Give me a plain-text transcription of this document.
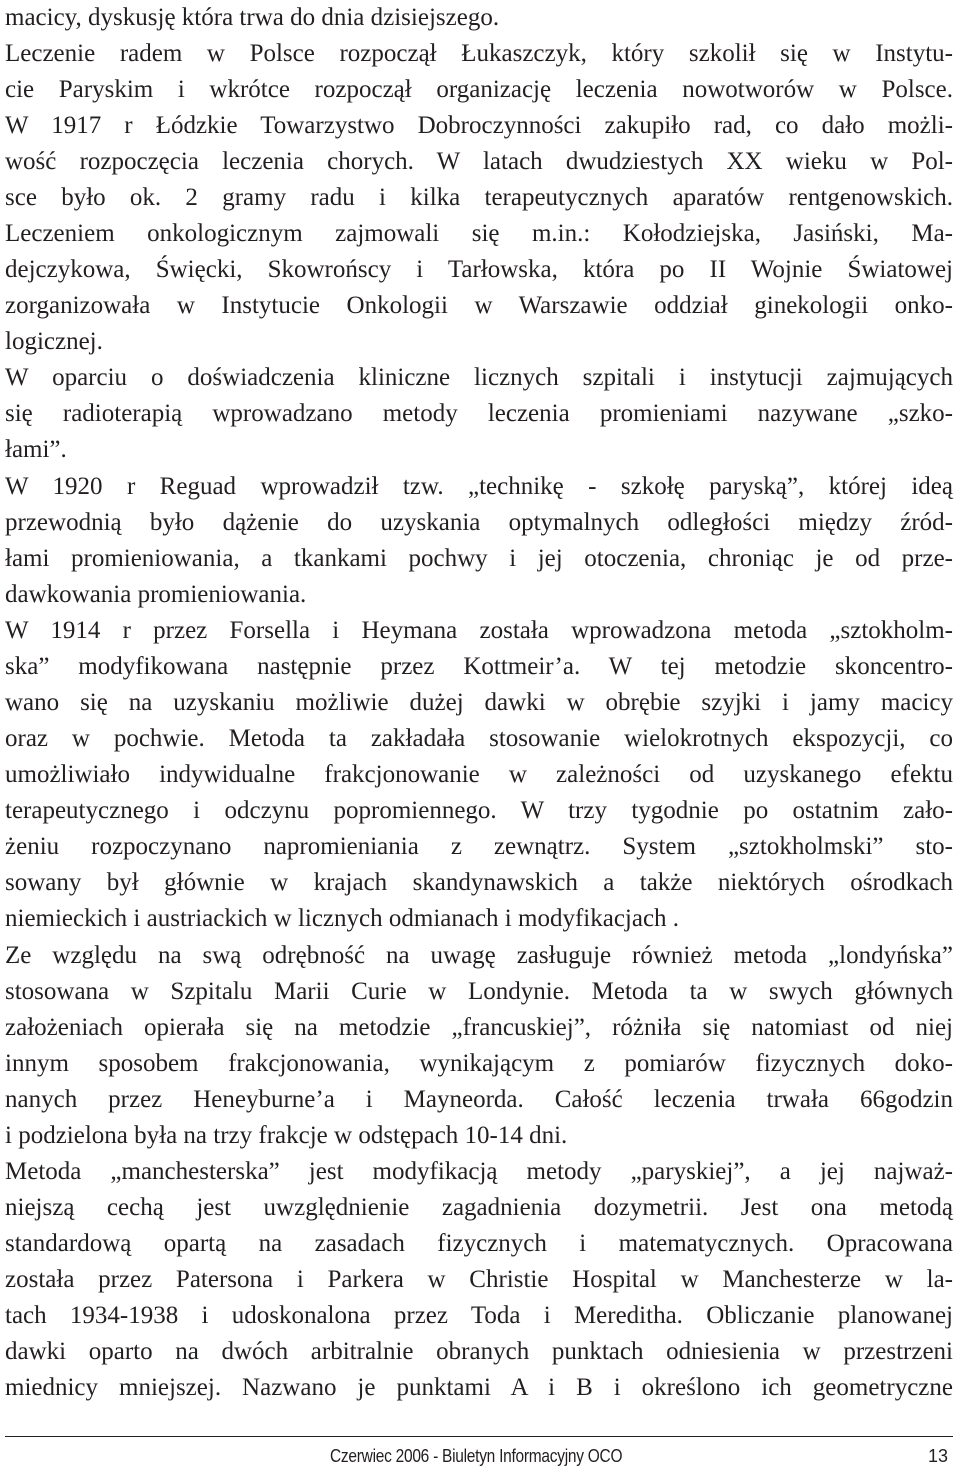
macicy, dyskusję która trwa do dnia dzisiejszego.
Leczenie radem w Polsce rozpoczął Łukaszczyk, który szkolił się w Instytu-
cie Paryskim i wkrótce rozpoczął organizację leczenia nowotworów w Polsce.
W 1917 r Łódzkie Towarzystwo Dobroczynności zakupiło rad, co dało możli-
wość rozpoczęcia leczenia chorych. W latach dwudziestych XX wieku w Pol-
sce było ok. 2 gramy radu i kilka terapeutycznych aparatów rentgenowskich.
Leczeniem onkologicznym zajmowali się m.in.: Kołodziejska, Jasiński, Ma-
dejczykowa, Święcki, Skowrońscy i Tarłowska, która po II Wojnie Światowej
zorganizowała w Instytucie Onkologii w Warszawie oddział ginekologii onko-
logicznej.
W oparciu o doświadczenia kliniczne licznych szpitali i instytucji zajmujących
się radioterapią wprowadzano metody leczenia promieniami nazywane „szko-
łami”.
W 1920 r Reguad wprowadził tzw. „technikę - szkołę paryską”, której ideą
przewodnią było dążenie do uzyskania optymalnych odległości między źród-
łami promieniowania, a tkankami pochwy i jej otoczenia, chroniąc je od prze-
dawkowania promieniowania.
W 1914 r przez Forsella i Heymana została wprowadzona metoda „sztokholm-
ska” modyfikowana następnie przez Kottmeir’a. W tej metodzie skoncentro-
wano się na uzyskaniu możliwie dużej dawki w obrębie szyjki i jamy macicy
oraz w pochwie. Metoda ta zakładała stosowanie wielokrotnych ekspozycji, co
umożliwiało indywidualne frakcjonowanie w zależności od uzyskanego efektu
terapeutycznego i odczynu popromiennego. W trzy tygodnie po ostatnim zało-
żeniu rozpoczynano napromieniania z zewnątrz. System „sztokholmski” sto-
sowany był głównie w krajach skandynawskich a także niektórych ośrodkach
niemieckich i austriackich w licznych odmianach i modyfikacjach .
Ze względu na swą odrębność na uwagę zasługuje również metoda „londyńska”
stosowana w Szpitalu Marii Curie w Londynie. Metoda ta w swych głównych
założeniach opierała się na metodzie „francuskiej”, różniła się natomiast od niej
innym sposobem frakcjonowania, wynikającym z pomiarów fizycznych doko-
nanych przez Heneyburne’a i Mayneorda. Całość leczenia trwała 66godzin
i podzielona była na trzy frakcje w odstępach 10-14 dni.
Metoda „manchesterska” jest modyfikacją metody „paryskiej”, a jej najważ-
niejszą cechą jest uwzględnienie zagadnienia dozymetrii. Jest ona metodą
standardową opartą na zasadach fizycznych i matematycznych. Opracowana
została przez Patersona i Parkera w Christie Hospital w Manchesterze w la-
tach 1934-1938 i udoskonalona przez Toda i Mereditha. Obliczanie planowanej
dawki oparto na dwóch arbitralnie obranych punktach odniesienia w przestrzeni
miednicy mniejszej. Nazwano je punktami A i B i określono ich geometryczne
Czerwiec 2006 - Biuletyn Informacyjny OCO	13
